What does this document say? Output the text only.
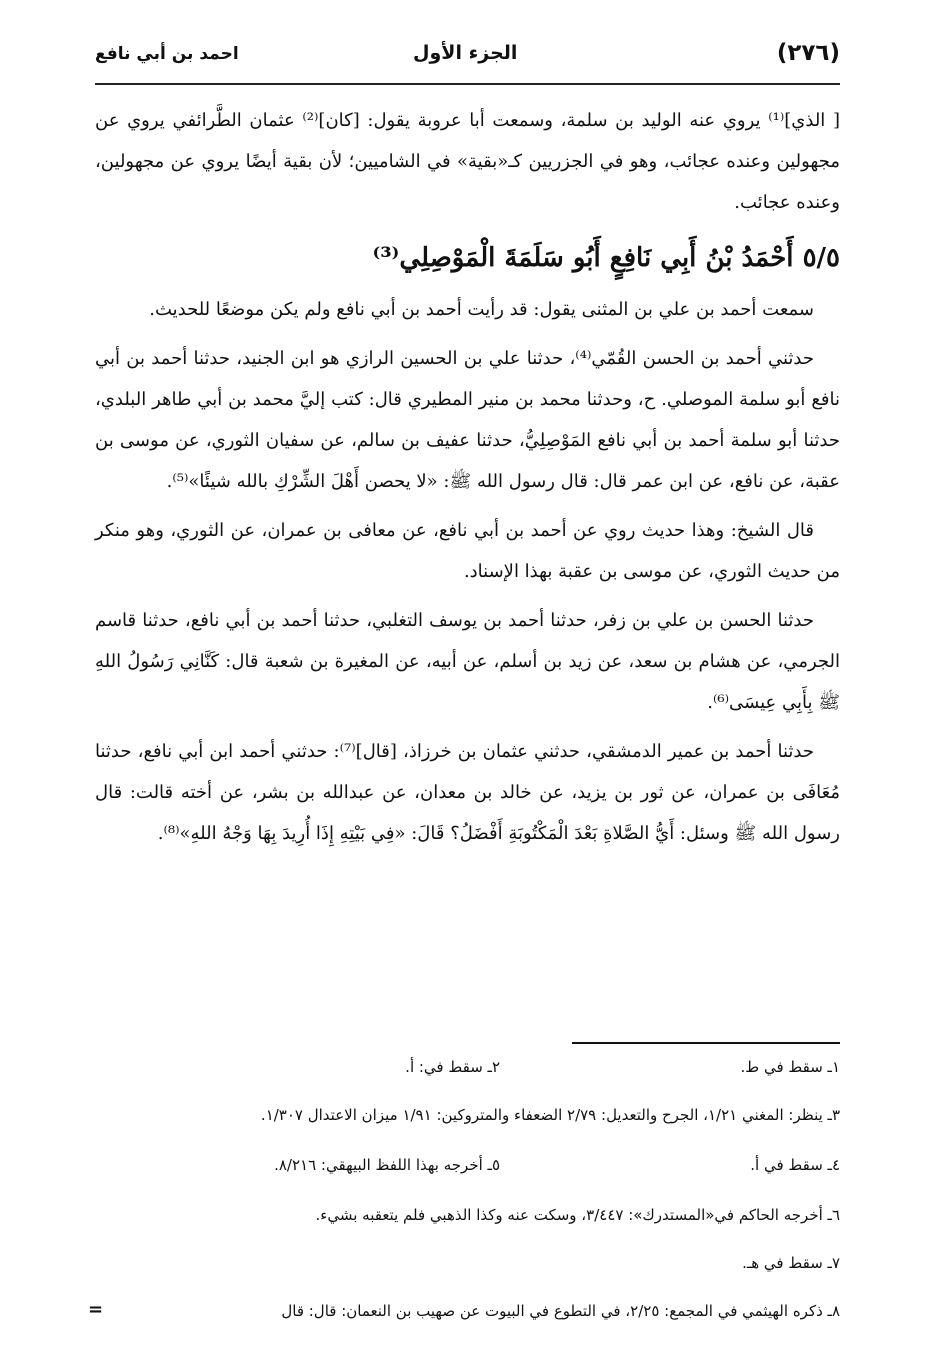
(٢٧٦)
الجزء الأول
احمد بن أبي نافع

[ الذي]⁽¹⁾ يروي عنه الوليد بن سلمة، وسمعت أبا عروبة يقول: [كان]⁽²⁾ عثمان الطَّرائفي يروي عن مجهولين وعنده عجائب، وهو في الجزريين كـ«بقية» في الشاميين؛ لأن بقية أيضًا يروي عن مجهولين، وعنده عجائب.

٥/٥ أَحْمَدُ بْنُ أَبِي نَافِعٍ أَبُو سَلَمَةَ الْمَوْصِلِي⁽³⁾

سمعت أحمد بن علي بن المثنى يقول: قد رأيت أحمد بن أبي نافع ولم يكن موضعًا للحديث.

حدثني أحمد بن الحسن القُمّي⁽⁴⁾، حدثنا علي بن الحسين الرازي هو ابن الجنيد، حدثنا أحمد بن أبي نافع أبو سلمة الموصلي. ح، وحدثنا محمد بن منير المطيري قال: كتب إليَّ محمد بن أبي طاهر البلدي، حدثنا أبو سلمة أحمد بن أبي نافع المَوْصِلِيُّ، حدثنا عفيف بن سالم، عن سفيان الثوري، عن موسى بن عقبة، عن نافع، عن ابن عمر قال: قال رسول الله ﷺ: «لا يحصن أَهْلَ الشِّرْكِ بالله شيئًا»⁽⁵⁾.

قال الشيخ: وهذا حديث روي عن أحمد بن أبي نافع، عن معافى بن عمران، عن الثوري، وهو منكر من حديث الثوري، عن موسى بن عقبة بهذا الإسناد.

حدثنا الحسن بن علي بن زفر، حدثنا أحمد بن يوسف التغلبي، حدثنا أحمد بن أبي نافع، حدثنا قاسم الجرمي، عن هشام بن سعد، عن زيد بن أسلم، عن أبيه، عن المغيرة بن شعبة قال: كَنَّانِي رَسُولُ اللهِ ﷺ بِأَبِي عِيسَى⁽⁶⁾.

حدثنا أحمد بن عمير الدمشقي، حدثني عثمان بن خرزاذ، [قال]⁽⁷⁾: حدثني أحمد ابن أبي نافع، حدثنا مُعَافَى بن عمران، عن ثور بن يزيد، عن خالد بن معدان، عن عبدالله بن بشر، عن أخته قالت: قال رسول الله ﷺ وسئل: أَيُّ الصَّلاةِ بَعْدَ الْمَكْتُوبَةِ أَفْضَلُ؟ قَالَ: «فِي بَيْتِهِ إِذَا أُرِيدَ بِهَا وَجْهُ اللهِ»⁽⁸⁾.

١ـ سقط في ط.
٢ـ سقط في: أ.
٣ـ ينظر: المغني ١/٢١، الجرح والتعديل: ٢/٧٩ الضعفاء والمتروكين: ١/٩١ ميزان الاعتدال ١/٣٠٧.
٤ـ سقط في أ.
٥ـ أخرجه بهذا اللفظ البيهقي: ٨/٢١٦.
٦ـ أخرجه الحاكم في«المستدرك»: ٣/٤٤٧، وسكت عنه وكذا الذهبي فلم يتعقبه بشيء.
٧ـ سقط في هـ.
٨ـ ذكره الهيثمي في المجمع: ٢/٢٥، في التطوع في البيوت عن صهيب بن النعمان: قال: قال
=
